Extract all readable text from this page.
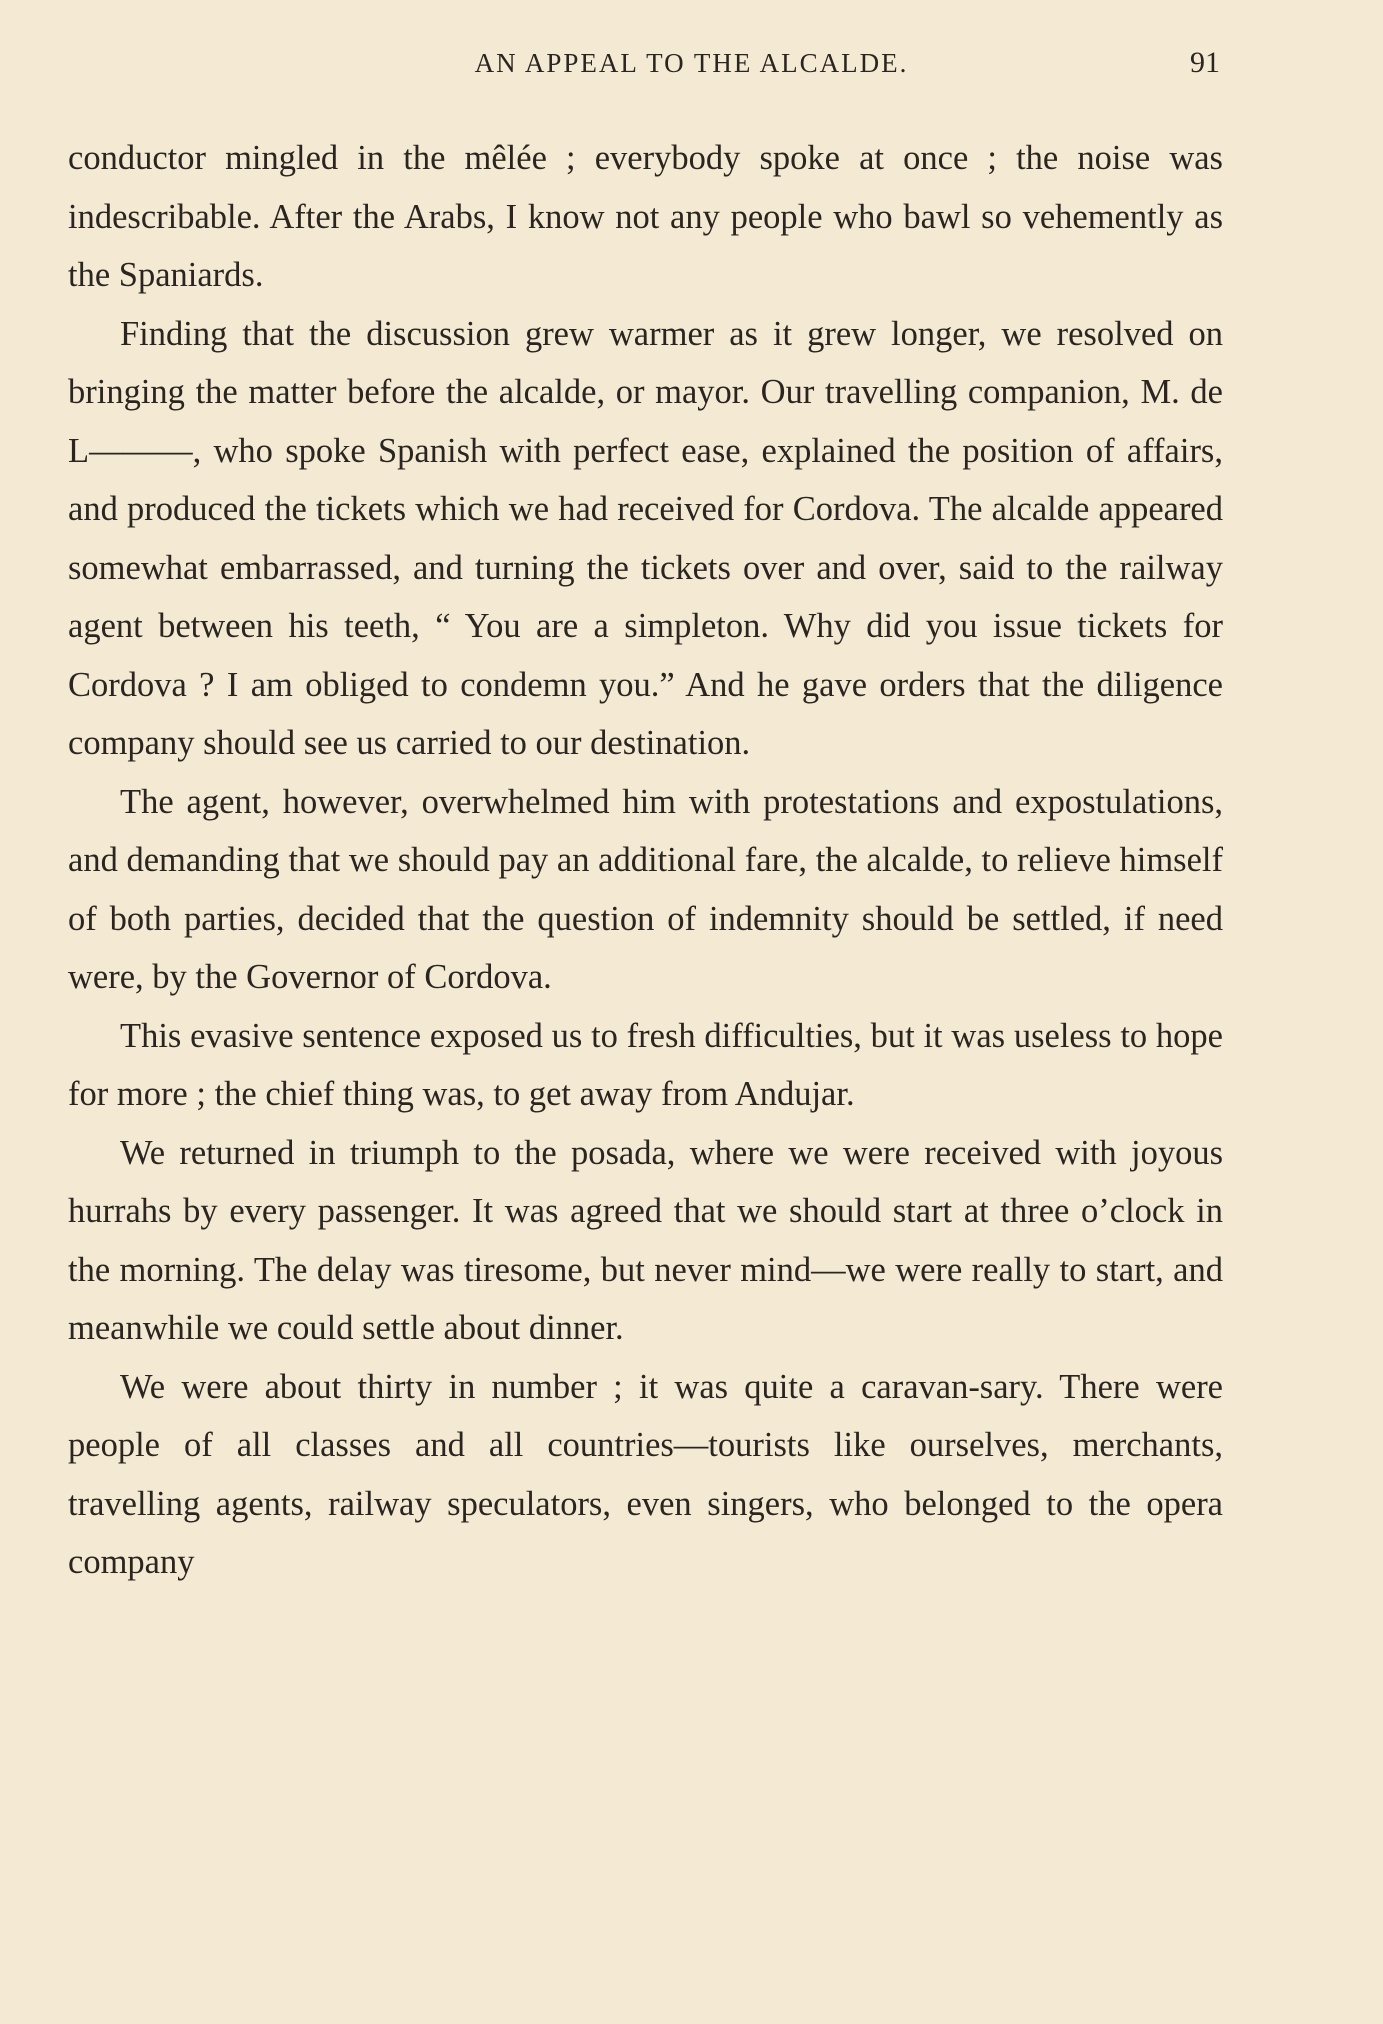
AN APPEAL TO THE ALCALDE.	91

conductor mingled in the mêlée ; everybody spoke at once ; the noise was indescribable. After the Arabs, I know not any people who bawl so vehemently as the Spaniards.

Finding that the discussion grew warmer as it grew longer, we resolved on bringing the matter before the alcalde, or mayor. Our travelling companion, M. de L———, who spoke Spanish with perfect ease, explained the position of affairs, and produced the tickets which we had received for Cordova. The alcalde appeared somewhat embarrassed, and turning the tickets over and over, said to the railway agent between his teeth, “ You are a simpleton. Why did you issue tickets for Cordova ? I am obliged to condemn you.” And he gave orders that the diligence company should see us carried to our destination.

The agent, however, overwhelmed him with protestations and expostulations, and demanding that we should pay an additional fare, the alcalde, to relieve himself of both parties, decided that the question of indemnity should be settled, if need were, by the Governor of Cordova.

This evasive sentence exposed us to fresh difficulties, but it was useless to hope for more ; the chief thing was, to get away from Andujar.

We returned in triumph to the posada, where we were received with joyous hurrahs by every passenger. It was agreed that we should start at three o’clock in the morning. The delay was tiresome, but never mind—we were really to start, and meanwhile we could settle about dinner.

We were about thirty in number ; it was quite a caravan-sary. There were people of all classes and all countries—tourists like ourselves, merchants, travelling agents, railway speculators, even singers, who belonged to the opera company
